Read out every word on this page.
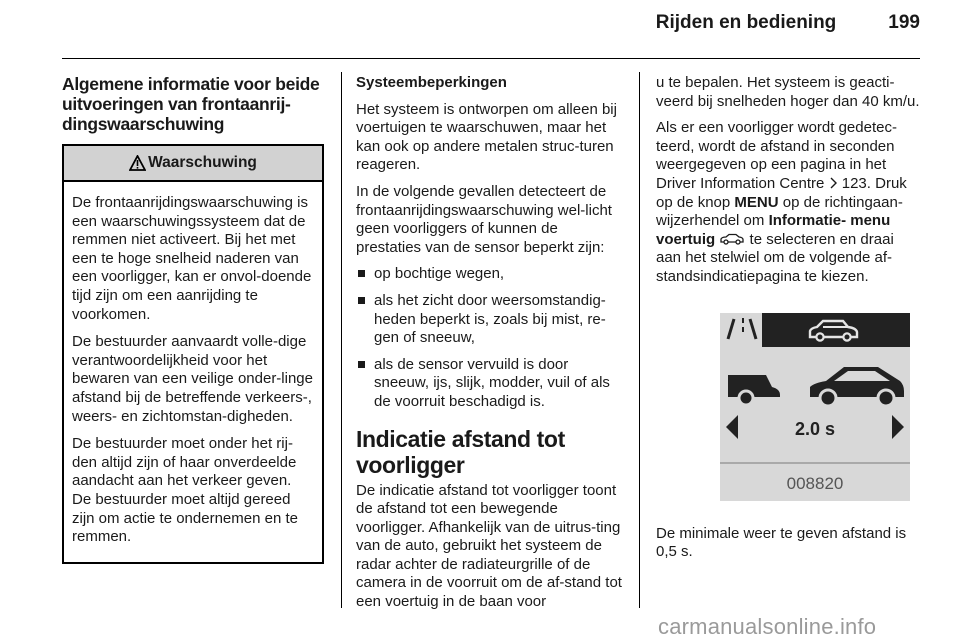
Rijden en bediening	199
Algemene informatie voor beide uitvoeringen van frontaanrij-dingswaarschuwing
Waarschuwing

De frontaanrijdingswaarschuwing is een waarschuwingssysteem dat de remmen niet activeert. Bij het met een te hoge snelheid naderen van een voorligger, kan er onvol-doende tijd zijn om een aanrijding te voorkomen.

De bestuurder aanvaardt volle-dige verantwoordelijkheid voor het bewaren van een veilige onder-linge afstand bij de betreffende verkeers-, weers- en zichtomstan-digheden.

De bestuurder moet onder het rij-den altijd zijn of haar onverdeelde aandacht aan het verkeer geven. De bestuurder moet altijd gereed zijn om actie te ondernemen en te remmen.

Systeembeperkingen

Het systeem is ontworpen om alleen bij voertuigen te waarschuwen, maar het kan ook op andere metalen struc-turen reageren.

In de volgende gevallen detecteert de frontaanrijdingswaarschuwing wel-licht geen voorliggers of kunnen de prestaties van de sensor beperkt zijn:

op bochtige wegen,
als het zicht door weersomstandig-heden beperkt is, zoals bij mist, re-gen of sneeuw,
als de sensor vervuild is door sneeuw, ijs, slijk, modder, vuil of als de voorruit beschadigd is.
Indicatie afstand tot voorligger

De indicatie afstand tot voorligger toont de afstand tot een bewegende voorligger. Afhankelijk van de uitrus-ting van de auto, gebruikt het systeem de radar achter de radiateurgrille of de camera in de voorruit om de af-stand tot een voertuig in de baan voor

u te bepalen. Het systeem is geacti-veerd bij snelheden hoger dan 40 km/u.

Als er een voorligger wordt gedetec-teerd, wordt de afstand in seconden weergegeven op een pagina in het Driver Information Centre 123. Druk op de knop MENU op de richtingaan-wijzerhendel om Informatie- menu voertuig te selecteren en draai aan het stelwiel om de volgende af-standsindicatiepagina te kiezen.

2.0 s
008820

De minimale weer te geven afstand is 0,5 s.

carmanualsonline.info
